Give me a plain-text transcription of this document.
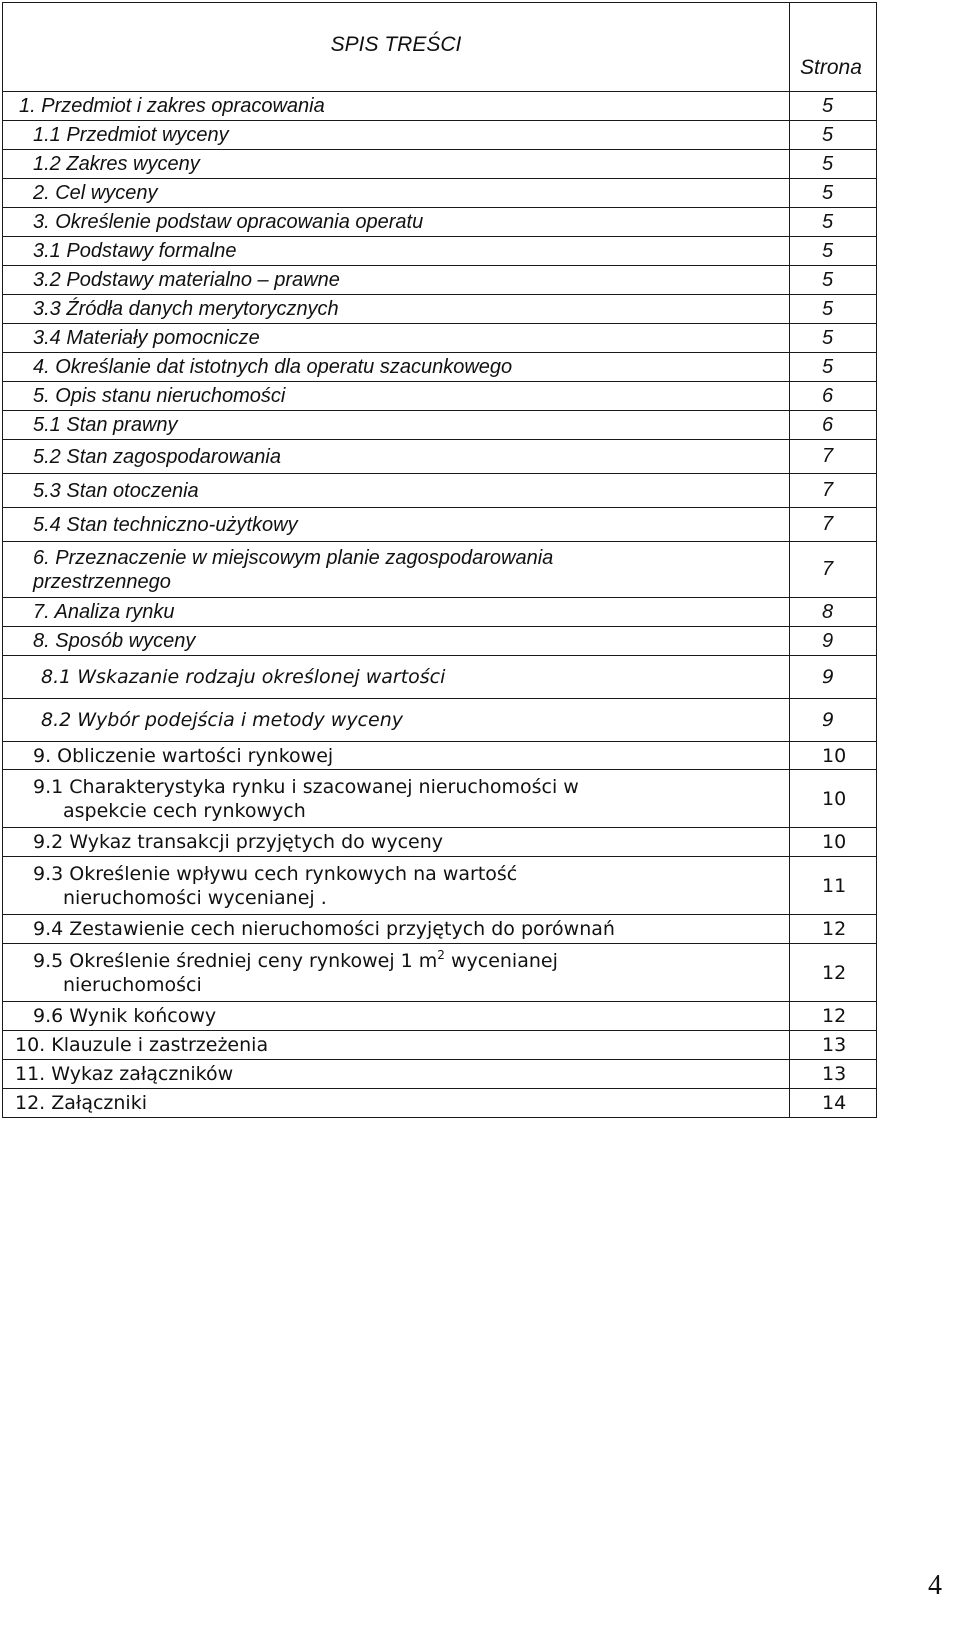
SPIS TREŚCI	Strona

1. Przedmiot i zakres opracowania	5
1.1 Przedmiot wyceny	5
1.2 Zakres wyceny	5
2. Cel wyceny	5
3. Określenie podstaw opracowania operatu	5
3.1 Podstawy formalne	5
3.2 Podstawy materialno – prawne	5
3.3 Źródła danych merytorycznych	5
3.4 Materiały pomocnicze	5
4. Określanie dat istotnych dla operatu szacunkowego	5
5. Opis stanu nieruchomości	6
5.1 Stan prawny	6
5.2 Stan zagospodarowania	7
5.3 Stan otoczenia	7
5.4 Stan techniczno-użytkowy	7
6. Przeznaczenie w miejscowym planie zagospodarowania przestrzennego	7
7. Analiza rynku	8
8. Sposób wyceny	9
8.1 Wskazanie rodzaju określonej wartości	9
8.2 Wybór podejścia i metody wyceny	9
9. Obliczenie wartości rynkowej	10
9.1 Charakterystyka rynku i szacowanej nieruchomości w aspekcie cech rynkowych	10
9.2 Wykaz transakcji przyjętych do wyceny	10
9.3 Określenie wpływu cech rynkowych na wartość nieruchomości wycenianej .	11
9.4 Zestawienie cech nieruchomości przyjętych do porównań	12
9.5 Określenie średniej ceny rynkowej 1 $m^2$ wycenianej nieruchomości	12
9.6 Wynik końcowy	12
10. Klauzule i zastrzeżenia	13
11. Wykaz załączników	13
12. Załączniki	14
4
